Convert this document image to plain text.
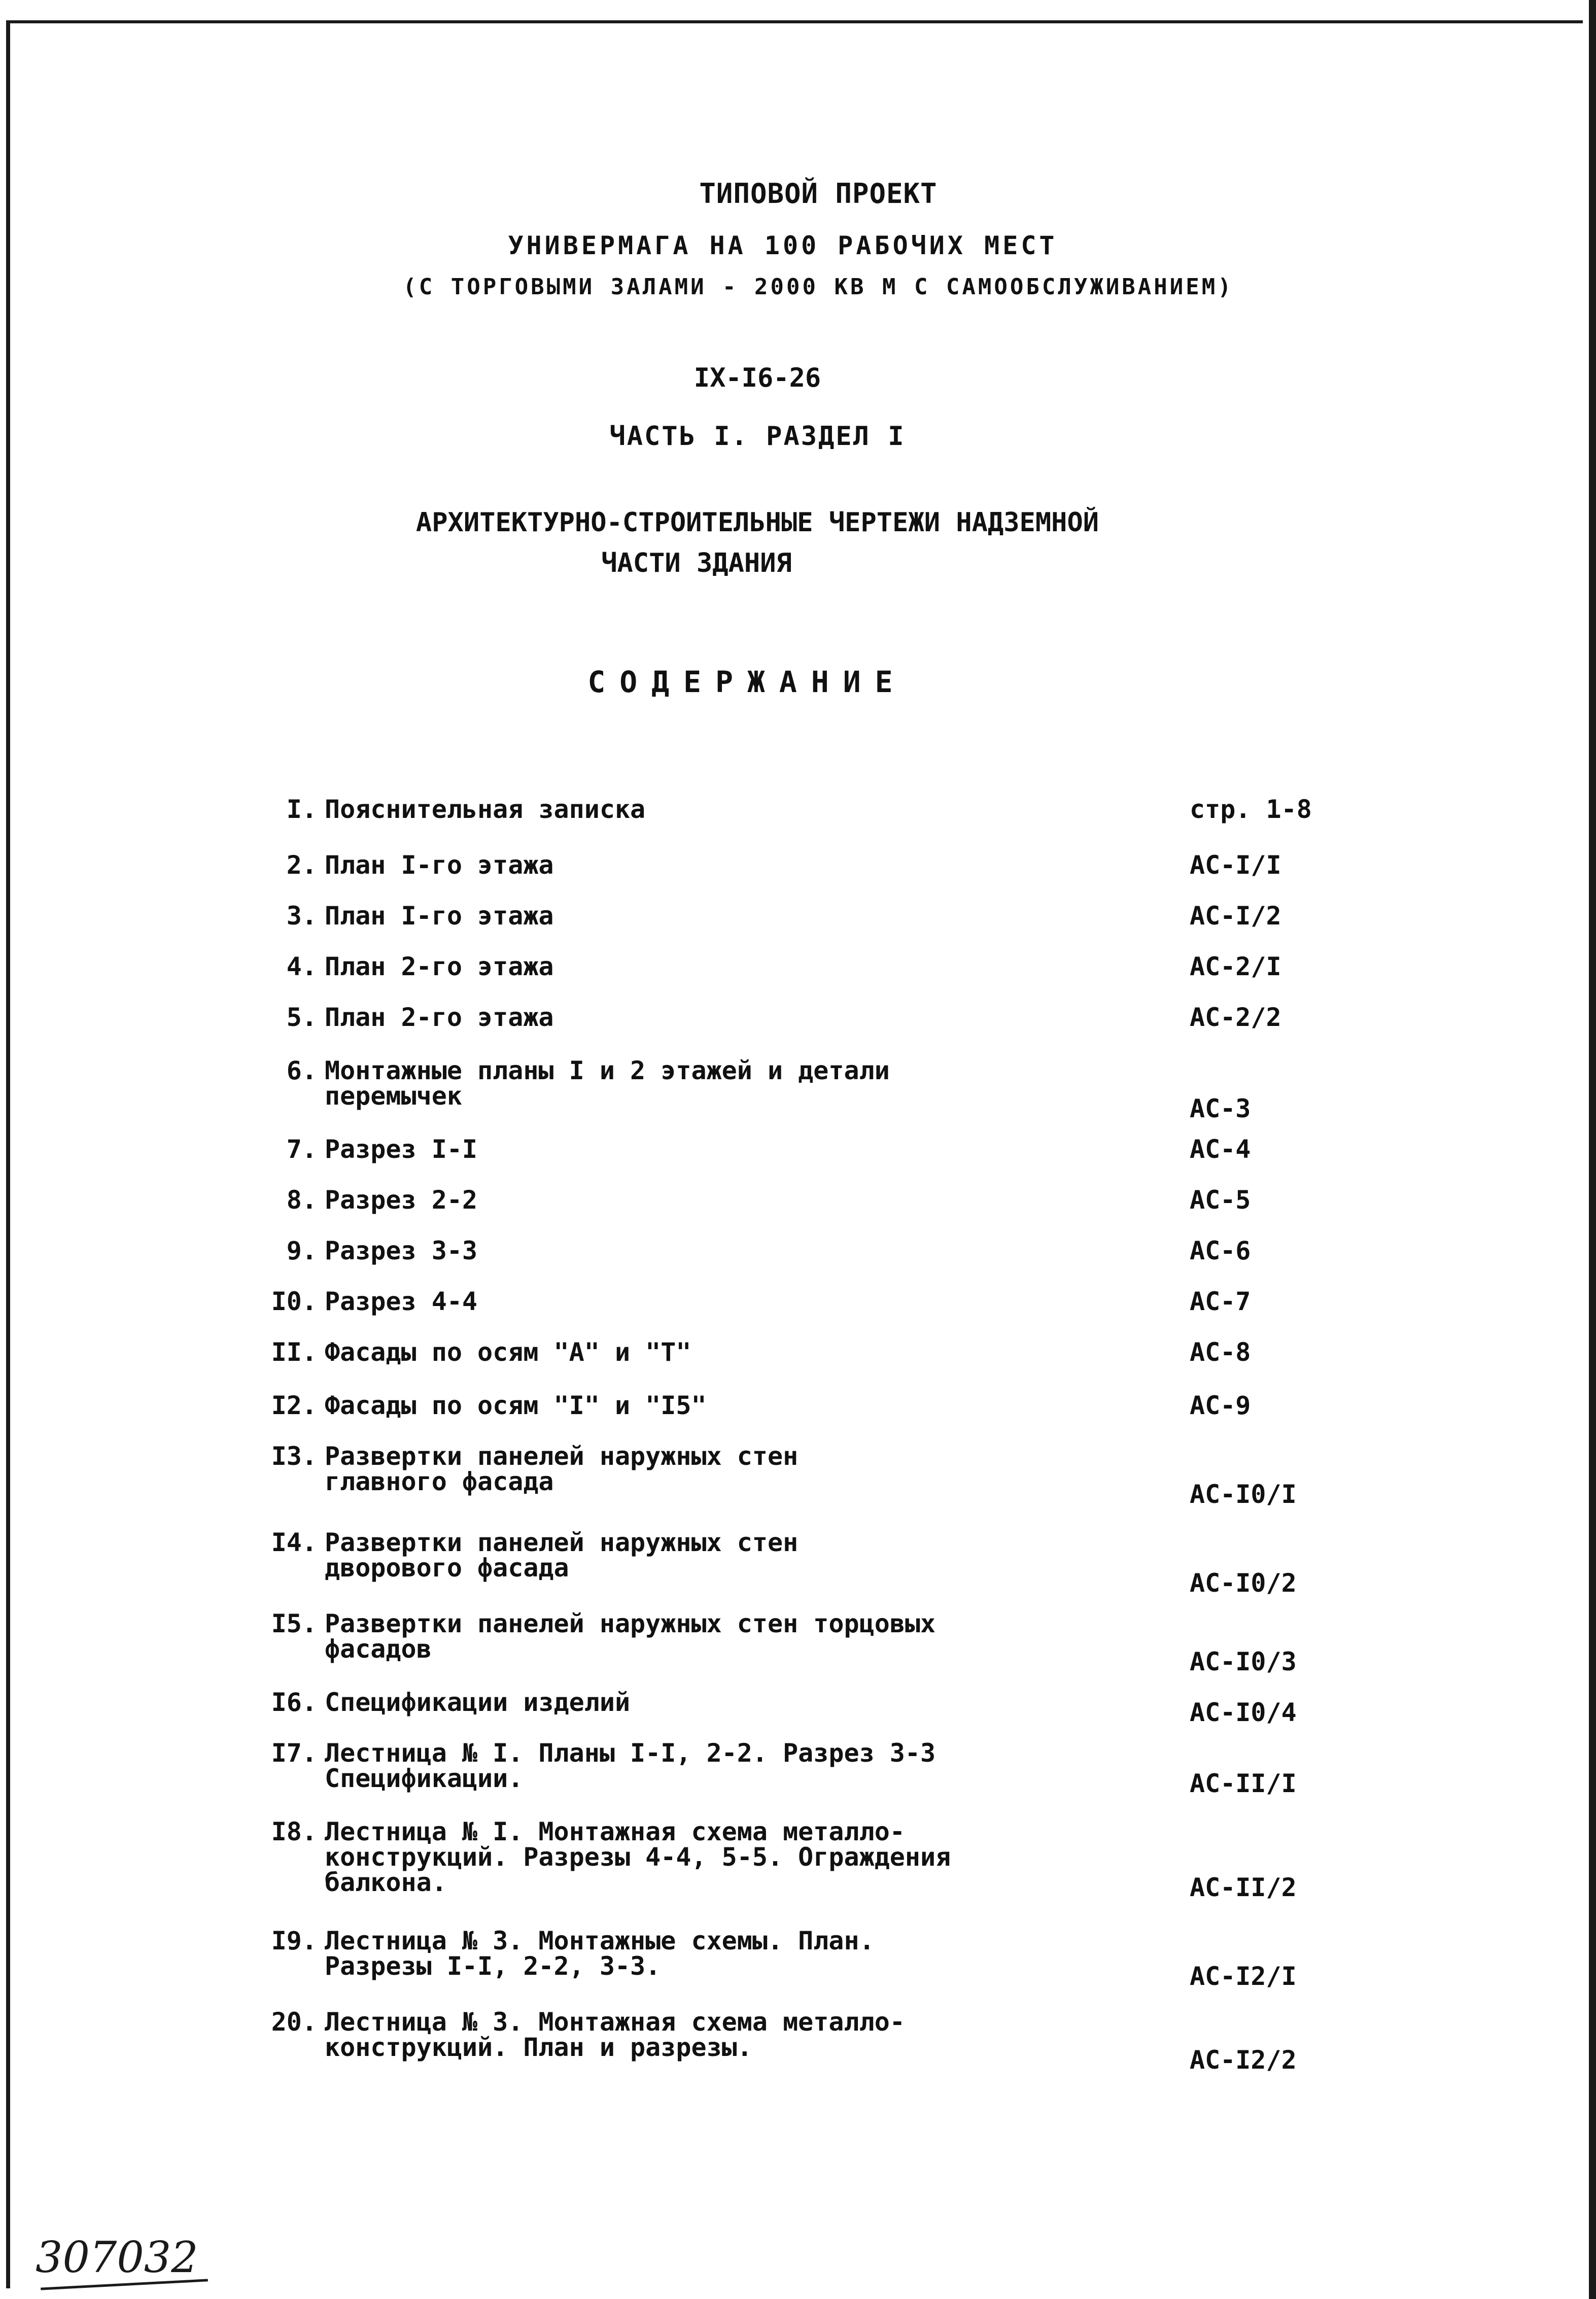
ТИПОВОЙ ПРОЕКТ
УНИВЕРМАГА НА 100 РАБОЧИХ МЕСТ
(С ТОРГОВЫМИ ЗАЛАМИ - 2000 КВ М С САМООБСЛУЖИВАНИЕМ)
IX-I6-26
ЧАСТЬ I. РАЗДЕЛ I
АРХИТЕКТУРНО-СТРОИТЕЛЬНЫЕ ЧЕРТЕЖИ НАДЗЕМНОЙ
ЧАСТИ ЗДАНИЯ
СОДЕРЖАНИЕ
I. Пояснительная записка	стр. 1-8
2. План I-го этажа	АС-I/I
3. План I-го этажа	АС-I/2
4. План 2-го этажа	АС-2/I
5. План 2-го этажа	АС-2/2
6. Монтажные планы I и 2 этажей и детали
перемычек	АС-3
7. Разрез I-I	АС-4
8. Разрез 2-2	АС-5
9. Разрез 3-3	АС-6
I0. Разрез 4-4	АС-7
II. Фасады по осям "А" и "Т"	АС-8
I2. Фасады по осям "I" и "I5"	АС-9
I3. Развертки панелей наружных стен
главного фасада	АС-I0/I
I4. Развертки панелей наружных стен
дворового фасада
АС-I0/2
I5. Развертки панелей наружных стен торцовых
фасадов	АС-I0/3
I6. Спецификации изделий	АС-I0/4
I7. Лестница № I. Планы I-I, 2-2. Разрез 3-3
Спецификации.	АС-II/I
I8. Лестница № I. Монтажная схема металло-
конструкций. Разрезы 4-4, 5-5. Ограждения
балкона.	АС-II/2
I9. Лестница № 3. Монтажные схемы. План.
Разрезы I-I, 2-2, 3-3.	АС-I2/I
20. Лестница № 3. Монтажная схема металло-
конструкций. План и разрезы.	АС-I2/2
307032
